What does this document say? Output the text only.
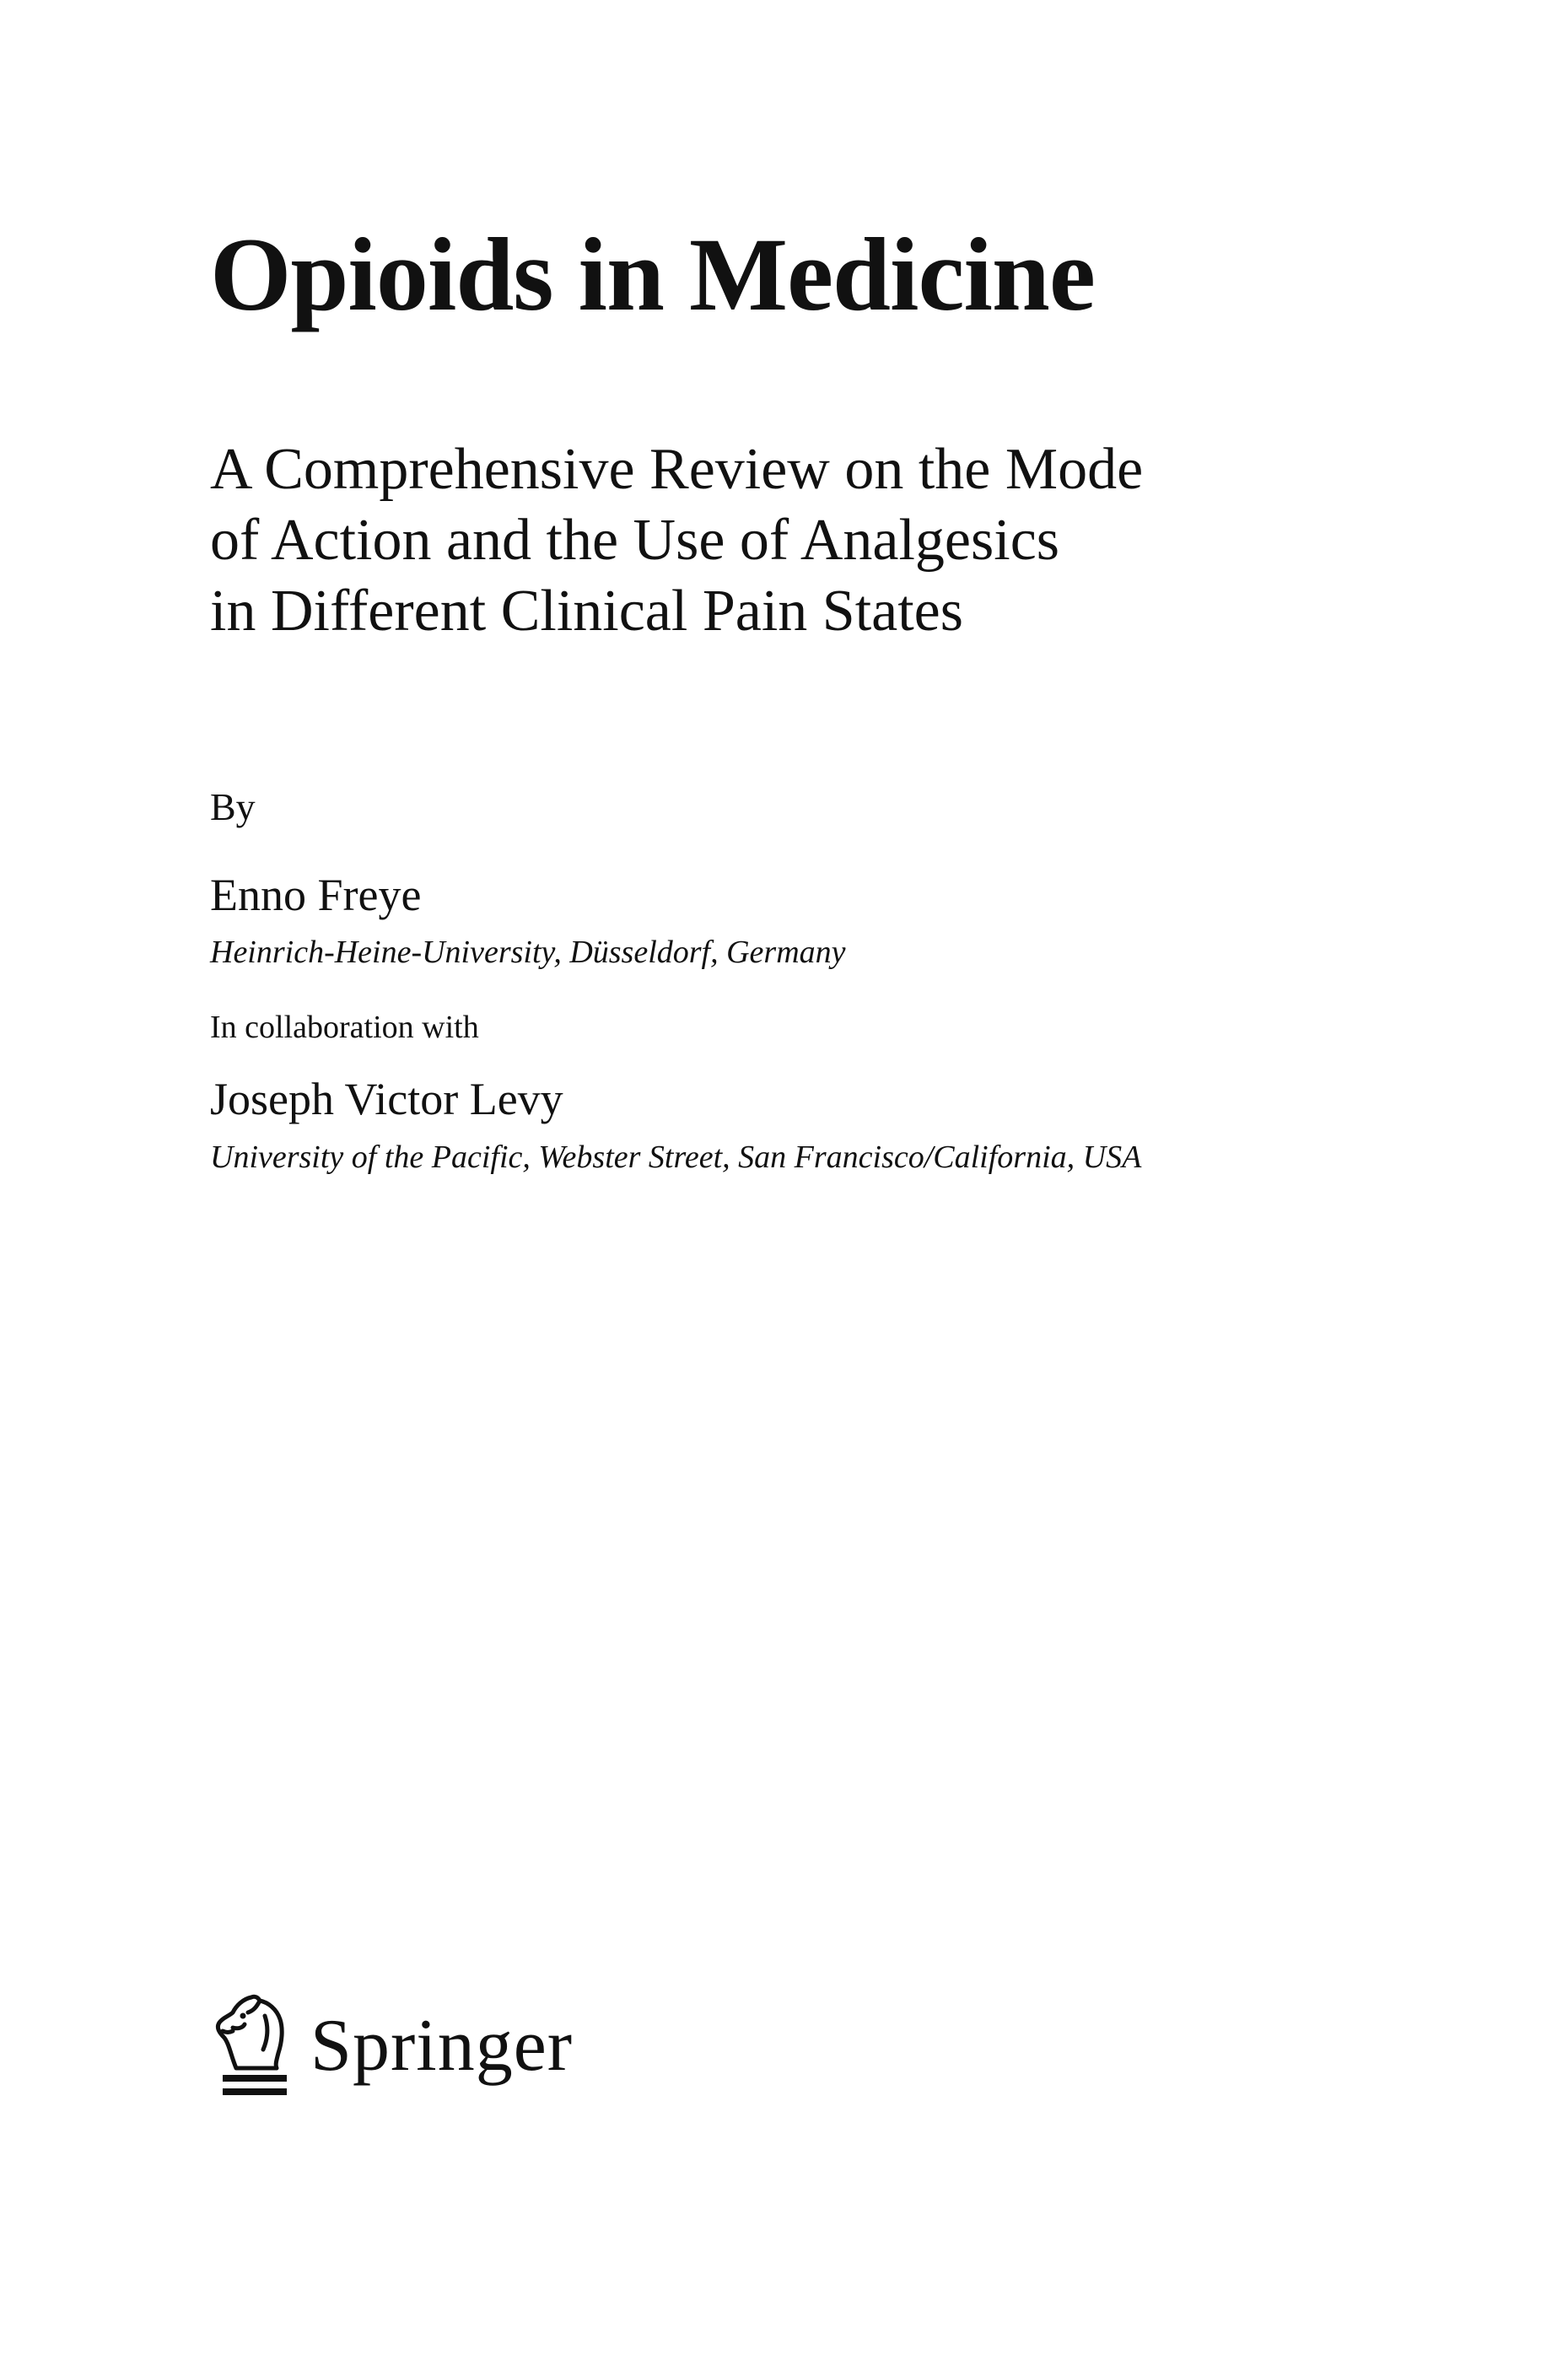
Opioids in Medicine
A Comprehensive Review on the Mode
of Action and the Use of Analgesics
in Different Clinical Pain States
By
Enno Freye
Heinrich-Heine-University, Düsseldorf, Germany
In collaboration with
Joseph Victor Levy
University of the Pacific, Webster Street, San Francisco/California, USA
Springer
